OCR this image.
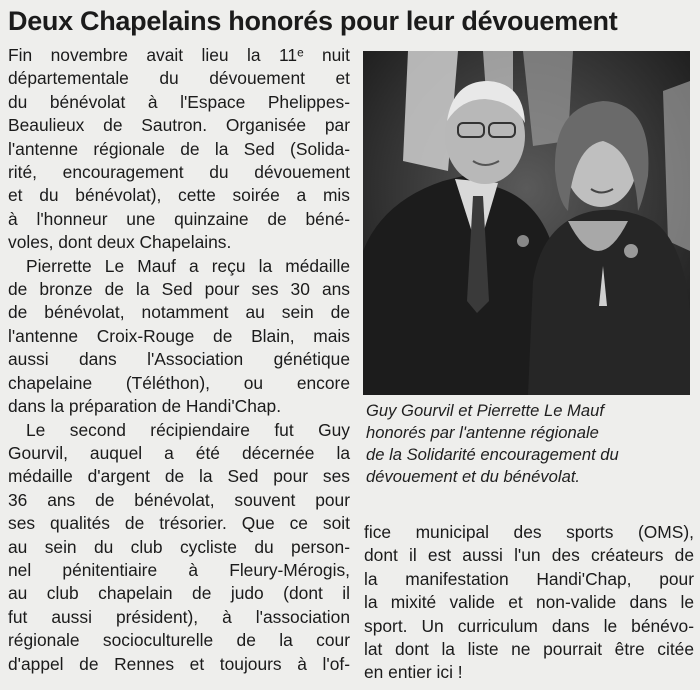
Deux Chapelains honorés pour leur dévouement
Fin novembre avait lieu la 11ᵉ nuit
départementale du dévouement et
du bénévolat à l'Espace Phelippes-
Beaulieux de Sautron. Organisée par
l'antenne régionale de la Sed (Solida-
rité, encouragement du dévouement
et du bénévolat), cette soirée a mis
à l'honneur une quinzaine de béné-
voles, dont deux Chapelains.
Pierrette Le Mauf a reçu la médaille
de bronze de la Sed pour ses 30 ans
de bénévolat, notamment au sein de
l'antenne Croix-Rouge de Blain, mais
aussi dans l'Association génétique
chapelaine (Téléthon), ou encore
dans la préparation de Handi'Chap.
Le second récipiendaire fut Guy
Gourvil, auquel a été décernée la
médaille d'argent de la Sed pour ses
36 ans de bénévolat, souvent pour
ses qualités de trésorier. Que ce soit
au sein du club cycliste du person-
nel pénitentiaire à Fleury-Mérogis,
au club chapelain de judo (dont il
fut aussi président), à l'association
régionale socioculturelle de la cour
d'appel de Rennes et toujours à l'of-
Guy Gourvil et Pierrette Le Mauf
honorés par l'antenne régionale
de la Solidarité encouragement du
dévouement et du bénévolat.
fice municipal des sports (OMS),
dont il est aussi l'un des créateurs de
la manifestation Handi'Chap, pour
la mixité valide et non-valide dans le
sport. Un curriculum dans le bénévo-
lat dont la liste ne pourrait être citée
en entier ici !
